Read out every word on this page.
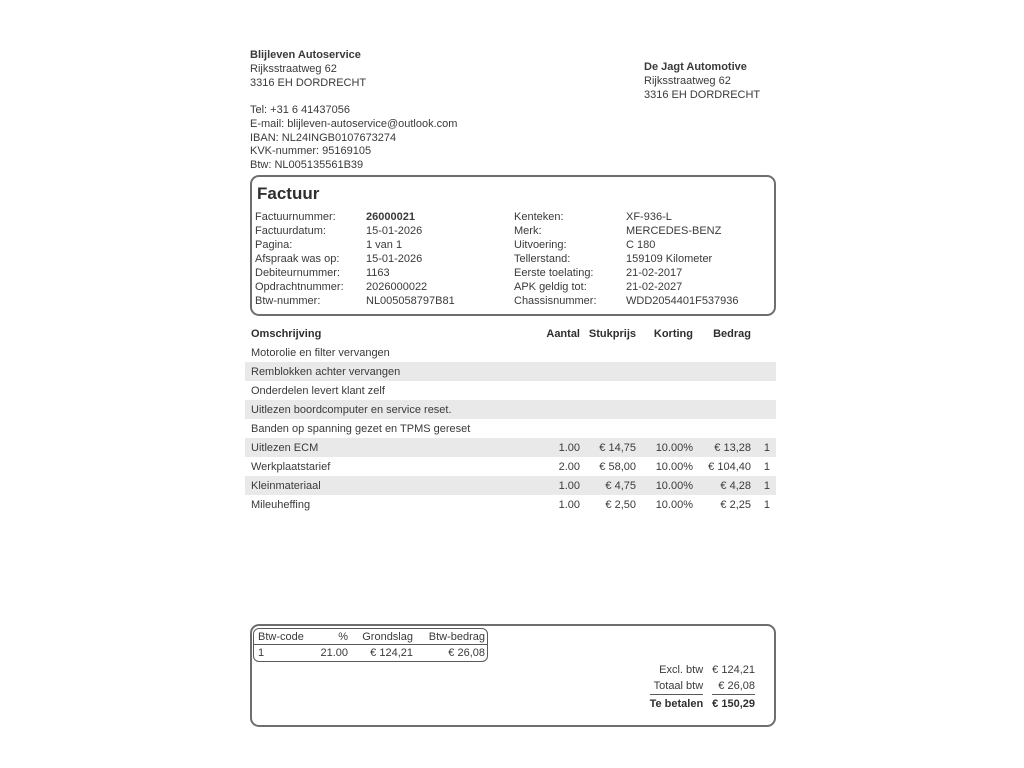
Blijleven Autoservice
Rijksstraatweg 62
3316 EH DORDRECHT
De Jagt Automotive
Rijksstraatweg 62
3316 EH DORDRECHT
Tel: +31 6 41437056
E-mail: blijleven-autoservice@outlook.com
IBAN: NL24INGB0107673274
KVK-nummer: 95169105
Btw: NL005135561B39
Factuur
Factuurnummer:	26000021
Factuurdatum:	15-01-2026
Pagina:	1 van 1
Afspraak was op:	15-01-2026
Debiteurnummer:	1163
Opdrachtnummer:	2026000022
Btw-nummer:	NL005058797B81
Kenteken:	XF-936-L
Merk:	MERCEDES-BENZ
Uitvoering:	C 180
Tellerstand:	159109 Kilometer
Eerste toelating:	21-02-2017
APK geldig tot:	21-02-2027
Chassisnummer:	WDD2054401F537936
Omschrijving	Aantal Stukprijs	Korting	Bedrag
Motorolie en filter vervangen
Remblokken achter vervangen
Onderdelen levert klant zelf
Uitlezen boordcomputer en service reset.
Banden op spanning gezet en TPMS gereset
Uitlezen ECM	1.00	€ 14,75	10.00%	€ 13,28	1
Werkplaatstarief	2.00	€ 58,00	10.00%	€ 104,40	1
Kleinmateriaal	1.00	€ 4,75	10.00%	€ 4,28	1
Mileuheffing	1.00	€ 2,50	10.00%	€ 2,25	1
Btw-code	%	Grondslag	Btw-bedrag
1	21.00	€ 124,21	€ 26,08
Excl. btw	€ 124,21
Totaal btw	€ 26,08
Te betalen	€ 150,29
